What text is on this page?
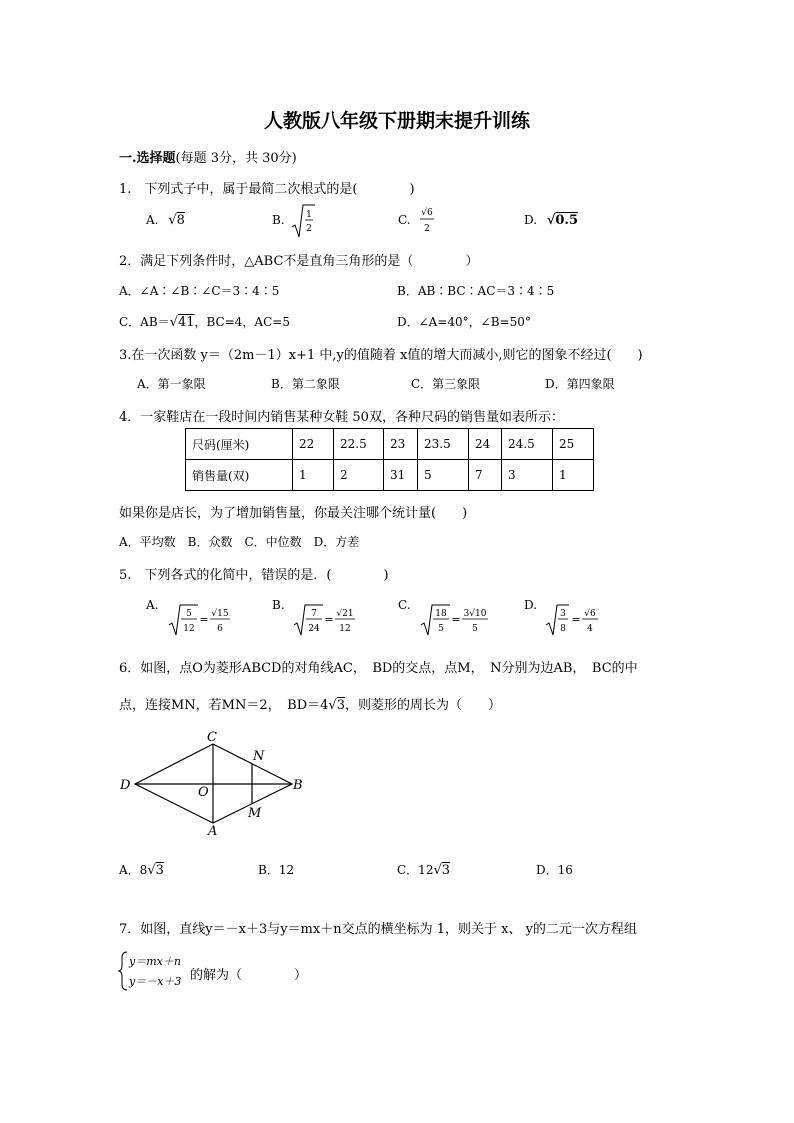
人教版八年级下册期末提升训练
一.选择题(每题 3分，共 30分)
1.　下列式子中，属于最简二次根式的是(　　　　)
A. √8	B. 1
2
C. √6
2
D. √0.5
2．满足下列条件时，△ABC不是直角三角形的是（　　　　）
A．∠A∶∠B∶∠C＝3∶4∶5	B．AB∶BC∶AC＝3∶4∶5
C．AB＝√41，BC=4，AC=5	D．∠A=40°，∠B=50°
3.在一次函数 y＝（2m－1）x+1 中,y的值随着 x值的增大而减小,则它的图象不经过(　　)
A．第一象限	B．第二象限	C．第三象限	D．第四象限
4．一家鞋店在一段时间内销售某种女鞋 50双，各种尺码的销售量如表所示：
尺码(厘米)	22	22.5	23	23.5	24	24.5	25
销售量(双)	1	2	31	5	7	3	1
如果你是店长，为了增加销售量，你最关注哪个统计量(　　)
A．平均数　B．众数　C．中位数　D．方差
5.　下列各式的化简中，错误的是．(　　　　)
A.
5
12
= √15
6
B.
7
24
= √21
12
C.
18
5
= 3√10
5
D.
3
8
= √6
4
6．如图，点O为菱形ABCD的对角线AC，　BD的交点，点M，　N分别为边AB，　BC的中
点，连接MN，若MN＝2，　BD＝4√3，则菱形的周长为（　　）
C
N
D	O	B
M
A
A．8√3	B．12	C．12√3	D．16
7．如图，直线y＝－x＋3与y＝mx＋n交点的横坐标为 1，则关于 x、 y的二元一次方程组
y＝mx＋n
y＝－x＋3 的解为（　　　　）
